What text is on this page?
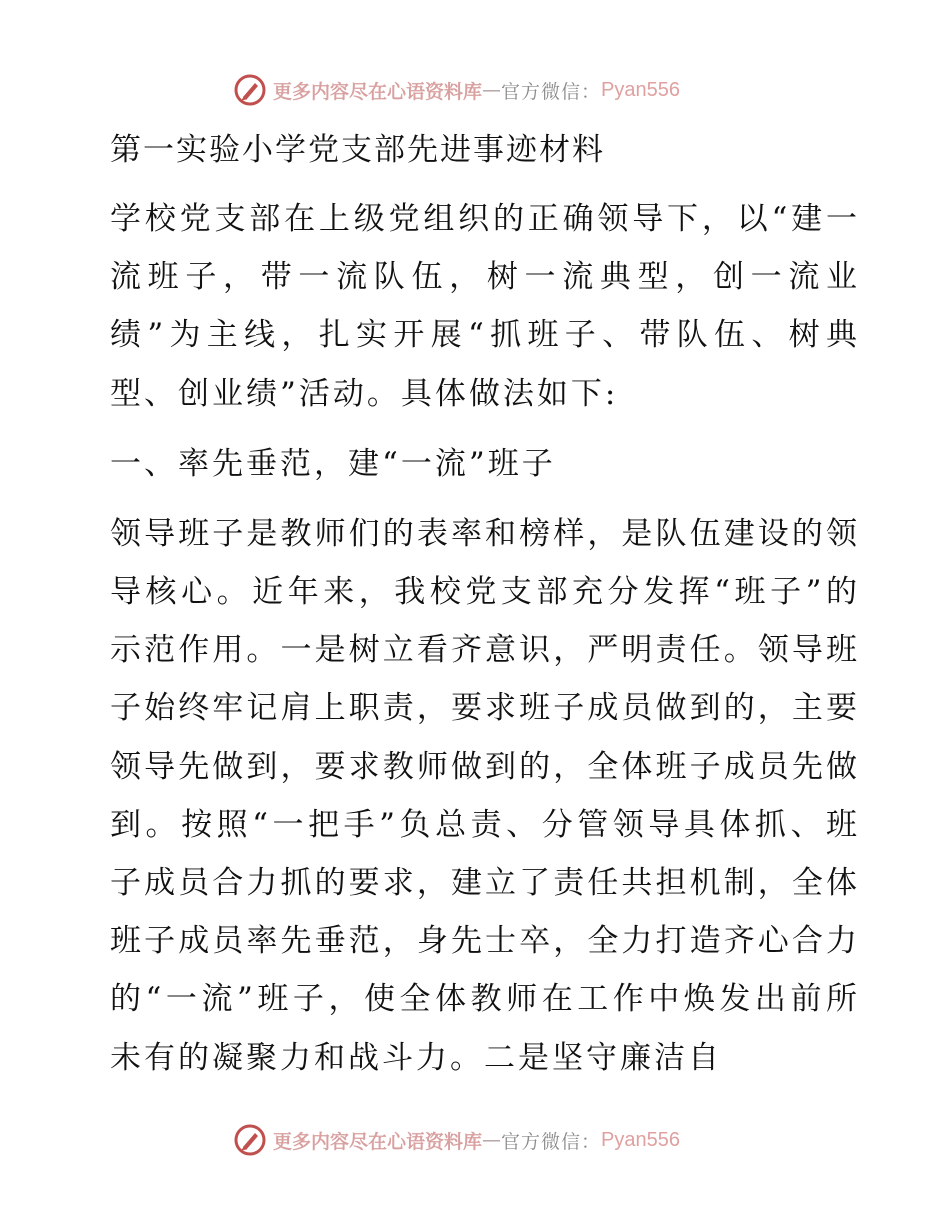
更多内容尽在心语资料库 — 官方微信： Pyan556
第一实验小学党支部先进事迹材料

学校党支部在上级党组织的正确领导下，以“建一流班子，带一流队伍，树一流典型，创一流业绩”为主线，扎实开展“抓班子、带队伍、树典型、创业绩”活动。具体做法如下:

一、率先垂范，建“一流”班子

领导班子是教师们的表率和榜样，是队伍建设的领导核心。近年来，我校党支部充分发挥“班子”的示范作用。一是树立看齐意识，严明责任。领导班子始终牢记肩上职责，要求班子成员做到的，主要领导先做到，要求教师做到的，全体班子成员先做到。按照“一把手”负总责、分管领导具体抓、班子成员合力抓的要求，建立了责任共担机制，全体班子成员率先垂范，身先士卒，全力打造齐心合力的“一流”班子，使全体教师在工作中焕发出前所未有的凝聚力和战斗力。二是坚守廉洁自

更多内容尽在心语资料库 — 官方微信： Pyan556
